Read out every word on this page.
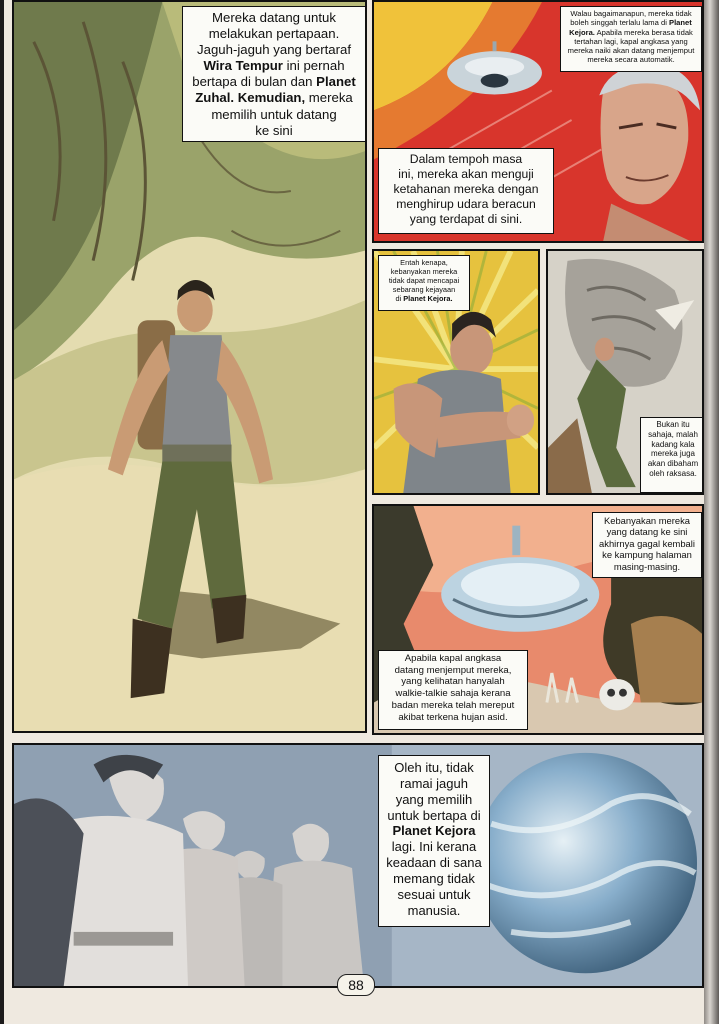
Mereka datang untuk
melakukan pertapaan.
Jaguh-jaguh yang bertaraf
Wira Tempur ini pernah
bertapa di bulan dan Planet
Zuhal. Kemudian, mereka
memilih untuk datang
ke sini
Walau bagaimanapun, mereka tidak
boleh singgah terlalu lama di Planet
Kejora. Apabila mereka berasa tidak
tertahan lagi, kapal angkasa yang
mereka naiki akan datang menjemput
mereka secara automatik.
Dalam tempoh masa
ini, mereka akan menguji
ketahanan mereka dengan
menghirup udara beracun
yang terdapat di sini.
Entah kenapa,
kebanyakan mereka
tidak dapat mencapai
sebarang kejayaan
di Planet Kejora.
Bukan itu
sahaja, malah
kadang kala
mereka juga
akan dibaham
oleh raksasa.
Kebanyakan mereka
yang datang ke sini
akhirnya gagal kembali
ke kampung halaman
masing-masing.
Apabila kapal angkasa
datang menjemput mereka,
yang kelihatan hanyalah
walkie-talkie sahaja kerana
badan mereka telah mereput
akibat terkena hujan asid.
Oleh itu, tidak
ramai jaguh
yang memilih
untuk bertapa di
Planet Kejora
lagi. Ini kerana
keadaan di sana
memang tidak
sesuai untuk
manusia.
88
